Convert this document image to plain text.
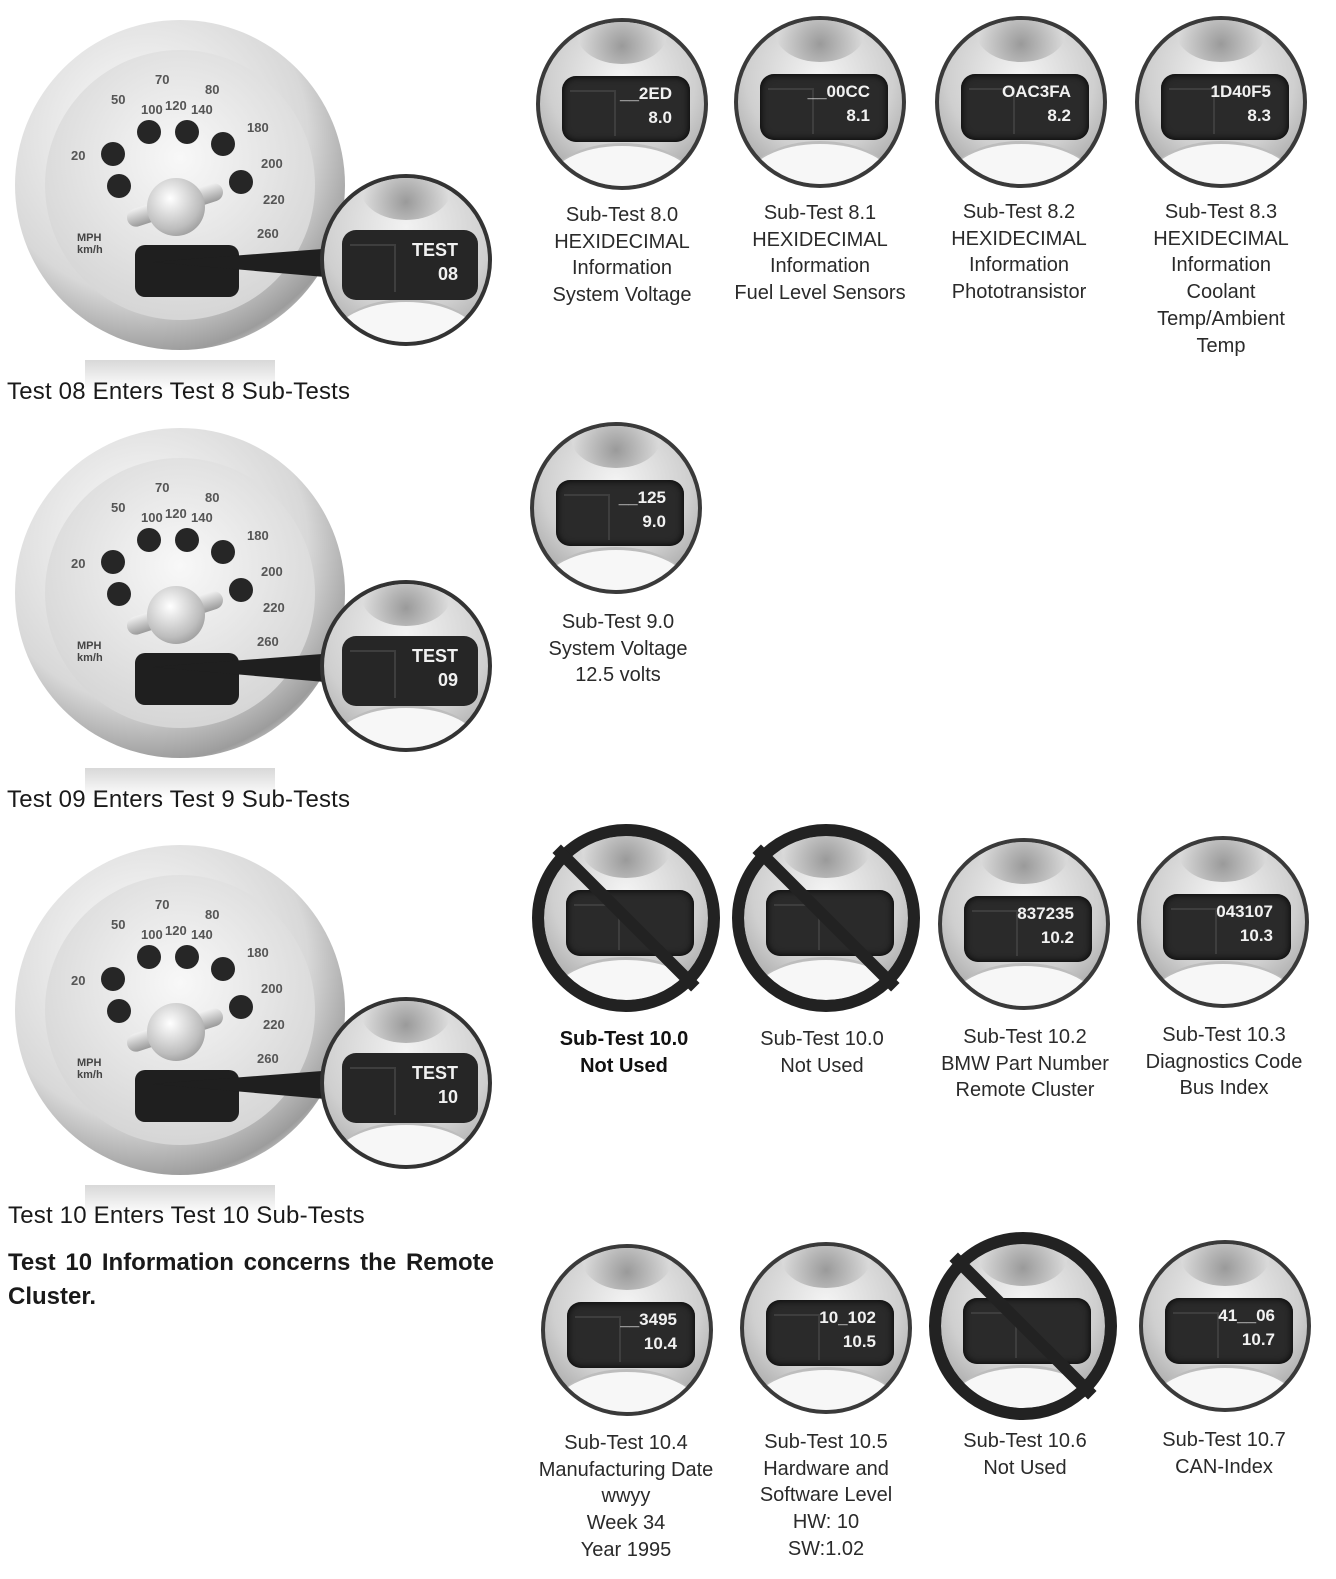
50
70
80
100 120 140
20
180
200
220
260
MPH
km/h	TEST
08
Test 08 Enters Test 8 Sub-Tests
__2ED
8.0
__00CC
8.1
OAC3FA
8.2
1D40F5
8.3
Sub-Test 8.0
HEXIDECIMAL
Information
System Voltage
Sub-Test 8.1
HEXIDECIMAL
Information
Fuel Level Sensors
Sub-Test 8.2
HEXIDECIMAL
Information
Phototransistor
Sub-Test 8.3
HEXIDECIMAL
Information
Coolant
Temp/Ambient
Temp
50
70
80
100 120 140
20
180
200
220
260
MPH
km/h	TEST
09
Test 09 Enters Test 9 Sub-Tests
__125
9.0
Sub-Test 9.0
System Voltage
12.5 volts
50
70
80
100 120 140
20
180
200
220
260
MPH
km/h	TEST
10
Test 10 Enters Test 10 Sub-Tests
Test 10 Information concerns the Remote Cluster.
837235
10.2
043107
10.3
Sub-Test 10.0
Not Used
Sub-Test 10.0
Not Used
Sub-Test 10.2
BMW Part Number
Remote Cluster
Sub-Test 10.3
Diagnostics Code
Bus Index
__3495
10.4
10_102
10.5
41__06
10.7
Sub-Test 10.4
Manufacturing Date
wwyy
Week 34
Year 1995
Sub-Test 10.5
Hardware and
Software Level
HW: 10
SW:1.02
Sub-Test 10.6
Not Used
Sub-Test 10.7
CAN-Index
